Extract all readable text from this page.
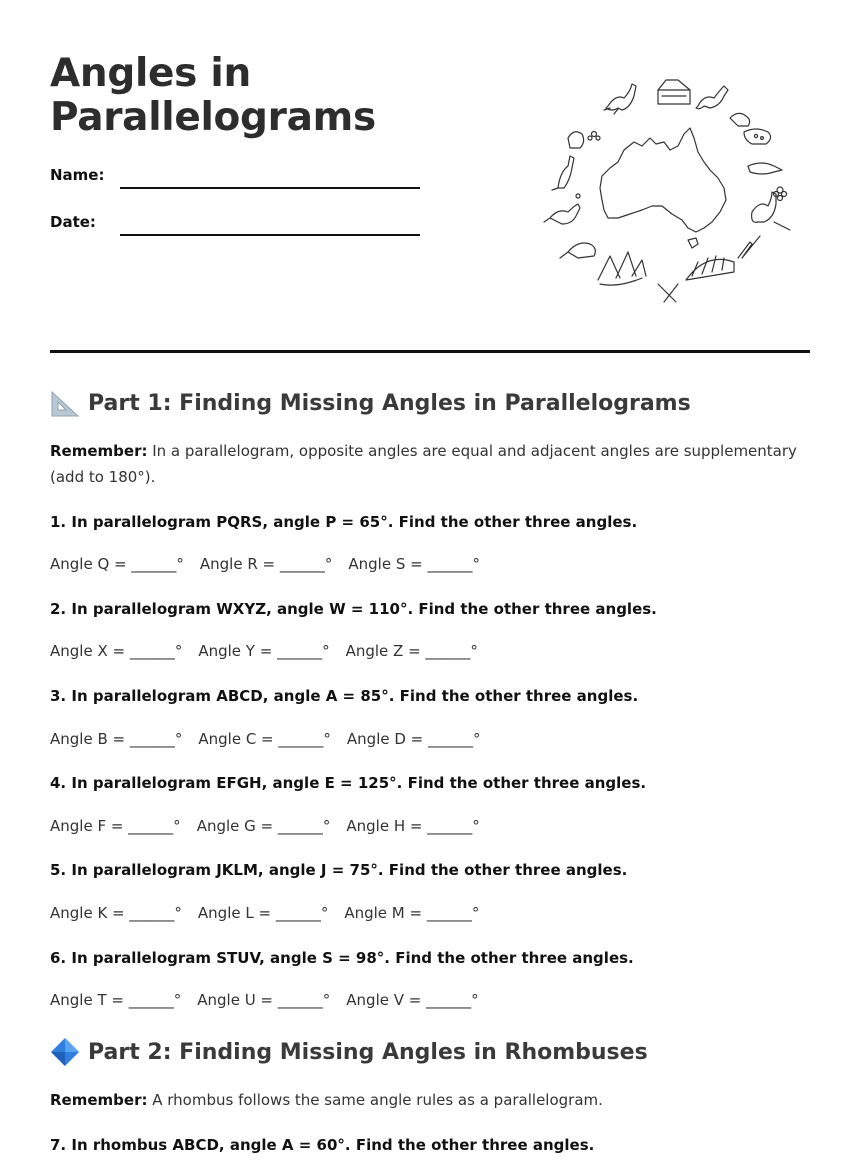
Angles in
Parallelograms
Name:
Date:
Part 1: Finding Missing Angles in Parallelograms

Remember: In a parallelogram, opposite angles are equal and adjacent angles are supplementary (add to 180°).

1. In parallelogram PQRS, angle P = 65°. Find the other three angles.

Angle Q = ______° Angle R = ______° Angle S = ______°

2. In parallelogram WXYZ, angle W = 110°. Find the other three angles.

Angle X = ______° Angle Y = ______° Angle Z = ______°

3. In parallelogram ABCD, angle A = 85°. Find the other three angles.

Angle B = ______° Angle C = ______° Angle D = ______°

4. In parallelogram EFGH, angle E = 125°. Find the other three angles.

Angle F = ______° Angle G = ______° Angle H = ______°

5. In parallelogram JKLM, angle J = 75°. Find the other three angles.

Angle K = ______° Angle L = ______° Angle M = ______°

6. In parallelogram STUV, angle S = 98°. Find the other three angles.

Angle T = ______° Angle U = ______° Angle V = ______°

Part 2: Finding Missing Angles in Rhombuses

Remember: A rhombus follows the same angle rules as a parallelogram.

7. In rhombus ABCD, angle A = 60°. Find the other three angles.
